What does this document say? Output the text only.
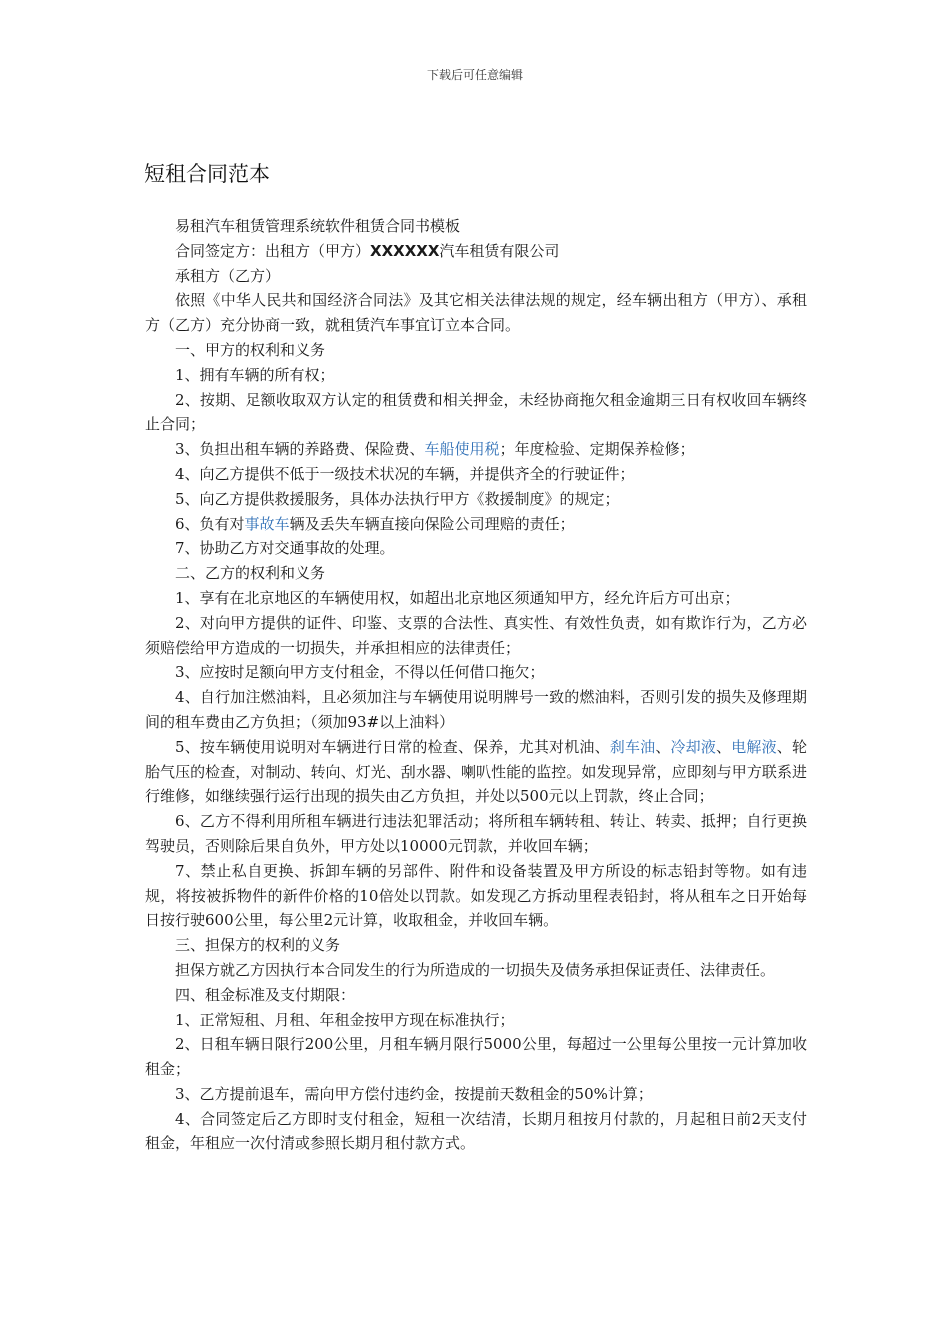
下载后可任意编辑
短租合同范本

易租汽车租赁管理系统软件租赁合同书模板

合同签定方：出租方（甲方）XXXXXX汽车租赁有限公司

承租方（乙方）

依照《中华人民共和国经济合同法》及其它相关法律法规的规定，经车辆出租方（甲方）、承租方（乙方）充分协商一致，就租赁汽车事宜订立本合同。

一、甲方的权利和义务

1、拥有车辆的所有权；

2、按期、足额收取双方认定的租赁费和相关押金，未经协商拖欠租金逾期三日有权收回车辆终止合同；

3、负担出租车辆的养路费、保险费、车船使用税；年度检验、定期保养检修；

4、向乙方提供不低于一级技术状况的车辆，并提供齐全的行驶证件；

5、向乙方提供救援服务，具体办法执行甲方《救援制度》的规定；

6、负有对事故车辆及丢失车辆直接向保险公司理赔的责任；

7、协助乙方对交通事故的处理。

二、乙方的权利和义务

1、享有在北京地区的车辆使用权，如超出北京地区须通知甲方，经允许后方可出京；

2、对向甲方提供的证件、印鉴、支票的合法性、真实性、有效性负责，如有欺诈行为，乙方必须赔偿给甲方造成的一切损失，并承担相应的法律责任；

3、应按时足额向甲方支付租金，不得以任何借口拖欠；

4、自行加注燃油料，且必须加注与车辆使用说明牌号一致的燃油料，否则引发的损失及修理期间的租车费由乙方负担；（须加93#以上油料）

5、按车辆使用说明对车辆进行日常的检查、保养，尤其对机油、刹车油、冷却液、电解液、轮胎气压的检查，对制动、转向、灯光、刮水器、喇叭性能的监控。如发现异常，应即刻与甲方联系进行维修，如继续强行运行出现的损失由乙方负担，并处以500元以上罚款，终止合同；

6、乙方不得利用所租车辆进行违法犯罪活动；将所租车辆转租、转让、转卖、抵押；自行更换驾驶员，否则除后果自负外，甲方处以10000元罚款，并收回车辆；

7、禁止私自更换、拆卸车辆的另部件、附件和设备装置及甲方所设的标志铅封等物。如有违规，将按被拆物件的新件价格的10倍处以罚款。如发现乙方拆动里程表铅封，将从租车之日开始每日按行驶600公里，每公里2元计算，收取租金，并收回车辆。

三、担保方的权利的义务

担保方就乙方因执行本合同发生的行为所造成的一切损失及债务承担保证责任、法律责任。

四、租金标准及支付期限：

1、正常短租、月租、年租金按甲方现在标准执行；

2、日租车辆日限行200公里，月租车辆月限行5000公里，每超过一公里每公里按一元计算加收租金；

3、乙方提前退车，需向甲方偿付违约金，按提前天数租金的50%计算；

4、合同签定后乙方即时支付租金，短租一次结清，长期月租按月付款的，月起租日前2天支付租金，年租应一次付清或参照长期月租付款方式。
